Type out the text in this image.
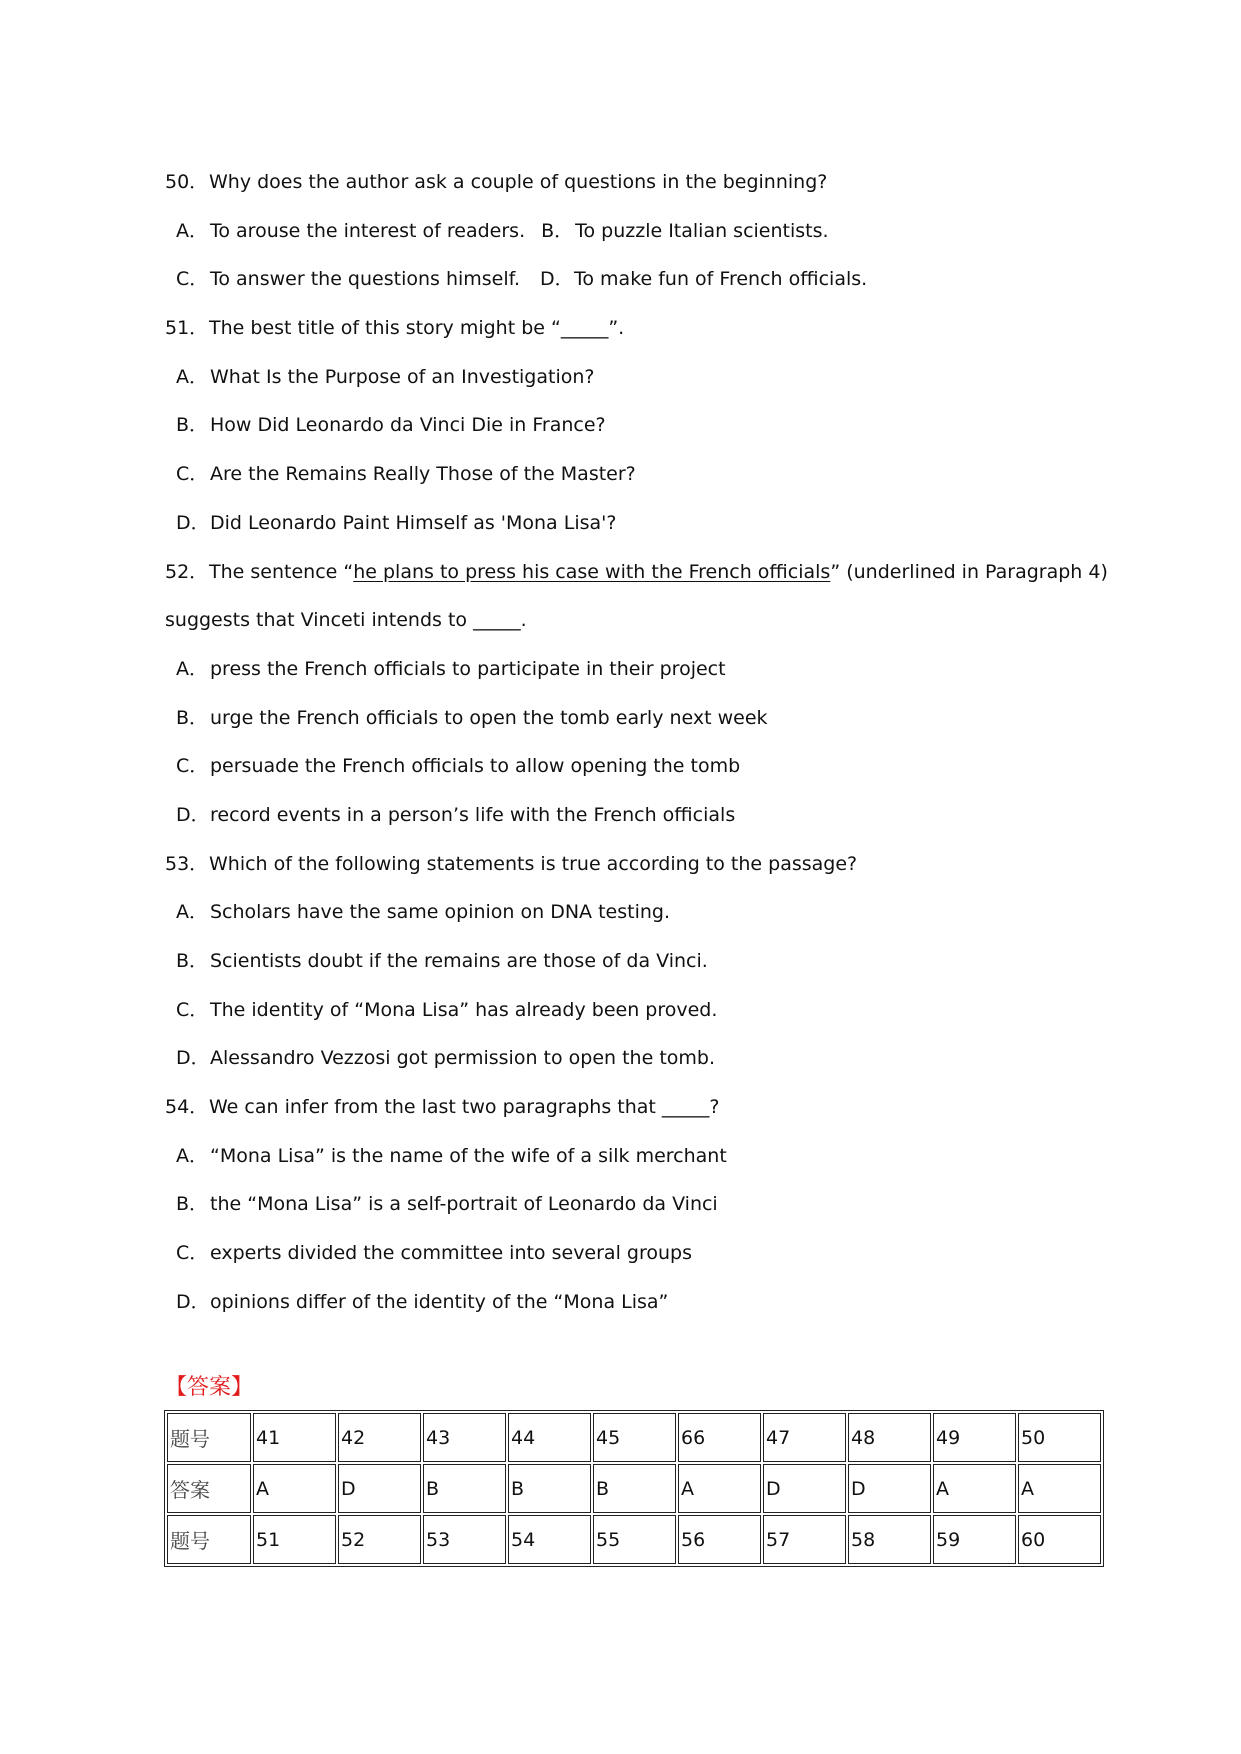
50．Why does the author ask a couple of questions in the beginning?
A． To arouse the interest of readers. B． To puzzle Italian scientists.
C．To answer the questions himself. D．To make fun of French officials.
51．The best title of this story might be “_____”.
A． What Is the Purpose of an Investigation?
B． How Did Leonardo da Vinci Die in France?
C．Are the Remains Really Those of the Master?
D．Did Leonardo Paint Himself as 'Mona Lisa'?
52．The sentence “he plans to press his case with the French officials” (underlined in Paragraph 4)
suggests that Vinceti intends to _____.
A． press the French officials to participate in their project
B． urge the French officials to open the tomb early next week
C．persuade the French officials to allow opening the tomb
D．record events in a person’s life with the French officials
53．Which of the following statements is true according to the passage?
A． Scholars have the same opinion on DNA testing.
B． Scientists doubt if the remains are those of da Vinci.
C．The identity of “Mona Lisa” has already been proved.
D．Alessandro Vezzosi got permission to open the tomb.
54．We can infer from the last two paragraphs that _____?
A． “Mona Lisa” is the name of the wife of a silk merchant
B． the “Mona Lisa” is a self-portrait of Leonardo da Vinci
C．experts divided the committee into several groups
D．opinions differ of the identity of the “Mona Lisa”
【答案】
题号	41	42	43	44	45	66	47	48	49	50
答案	A	D	B	B	B	A	D	D	A	A
题号	51	52	53	54	55	56	57	58	59	60
